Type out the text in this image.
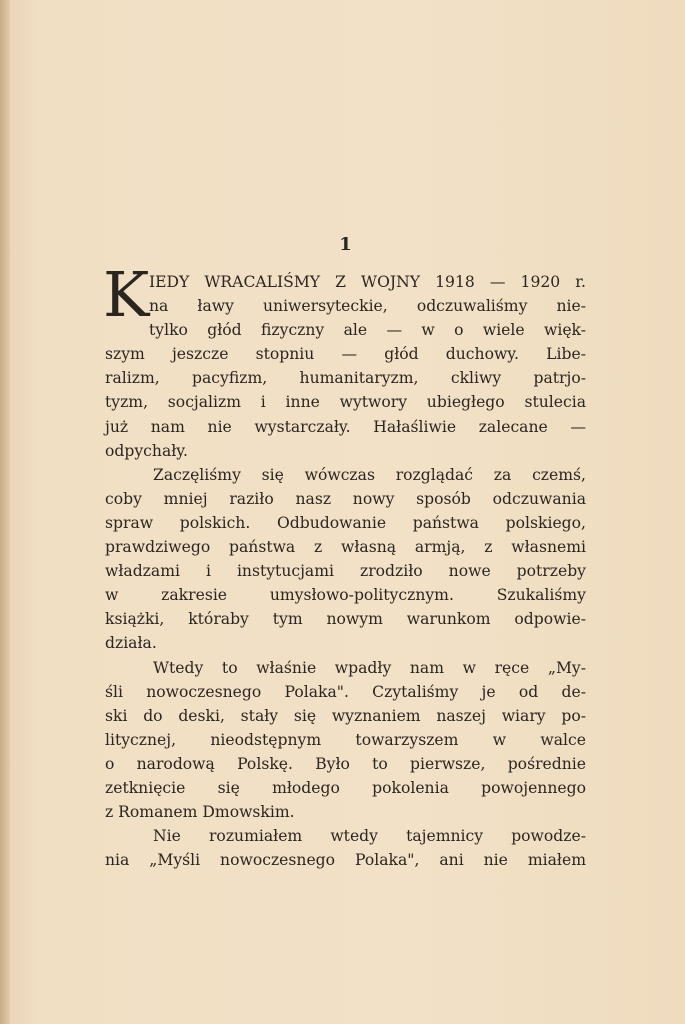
1
K IEDY WRACALIŚMY Z WOJNY 1918 — 1920 r.
na ławy uniwersyteckie, odczuwaliśmy nie-
tylko głód fizyczny ale — w o wiele więk-
szym jeszcze stopniu — głód duchowy. Libe-
ralizm, pacyfizm, humanitaryzm, ckliwy patrjo-
tyzm, socjalizm i inne wytwory ubiegłego stulecia
już nam nie wystarczały. Hałaśliwie zalecane —
odpychały.
Zaczęliśmy się wówczas rozglądać za czemś,
coby mniej raziło nasz nowy sposób odczuwania
spraw polskich. Odbudowanie państwa polskiego,
prawdziwego państwa z własną armją, z własnemi
władzami i instytucjami zrodziło nowe potrzeby
w zakresie umysłowo-politycznym. Szukaliśmy
książki, któraby tym nowym warunkom odpowie-
działa.
Wtedy to właśnie wpadły nam w ręce „My-
śli nowoczesnego Polaka". Czytaliśmy je od de-
ski do deski, stały się wyznaniem naszej wiary po-
litycznej, nieodstępnym towarzyszem w walce
o narodową Polskę. Było to pierwsze, pośrednie
zetknięcie się młodego pokolenia powojennego
z Romanem Dmowskim.
Nie rozumiałem wtedy tajemnicy powodze-
nia „Myśli nowoczesnego Polaka", ani nie miałem
